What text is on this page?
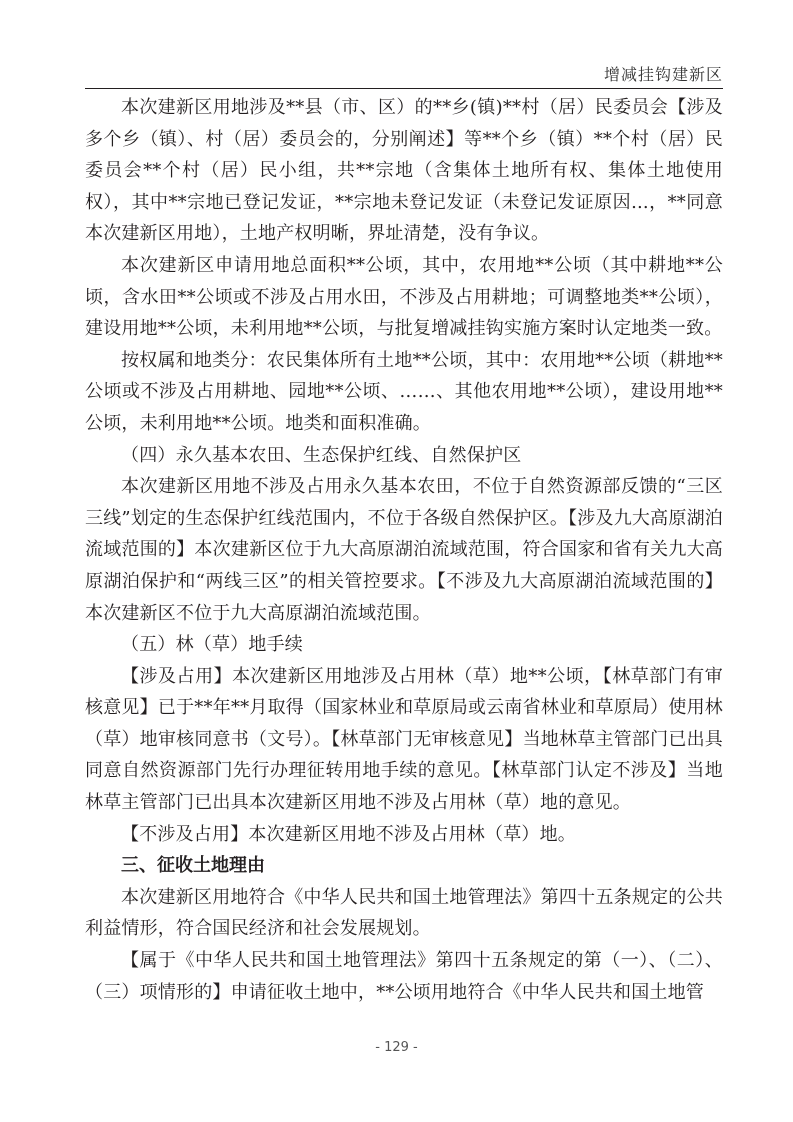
增减挂钩建新区

本次建新区用地涉及**县（市、区）的**乡(镇)**村（居）民委员会【涉及多个乡（镇）、村（居）委员会的，分别阐述】等**个乡（镇）**个村（居）民委员会**个村（居）民小组，共**宗地（含集体土地所有权、集体土地使用权），其中**宗地已登记发证，**宗地未登记发证（未登记发证原因...，**同意本次建新区用地），土地产权明晰，界址清楚，没有争议。

本次建新区申请用地总面积**公顷，其中，农用地**公顷（其中耕地**公顷，含水田**公顷或不涉及占用水田，不涉及占用耕地；可调整地类**公顷），建设用地**公顷，未利用地**公顷，与批复增减挂钩实施方案时认定地类一致。

按权属和地类分：农民集体所有土地**公顷，其中：农用地**公顷（耕地**公顷或不涉及占用耕地、园地**公顷、……、其他农用地**公顷），建设用地**公顷，未利用地**公顷。地类和面积准确。

（四）永久基本农田、生态保护红线、自然保护区

本次建新区用地不涉及占用永久基本农田，不位于自然资源部反馈的“三区三线”划定的生态保护红线范围内，不位于各级自然保护区。【涉及九大高原湖泊流域范围的】本次建新区位于九大高原湖泊流域范围，符合国家和省有关九大高原湖泊保护和“两线三区”的相关管控要求。【不涉及九大高原湖泊流域范围的】本次建新区不位于九大高原湖泊流域范围。

（五）林（草）地手续

【涉及占用】本次建新区用地涉及占用林（草）地**公顷，【林草部门有审核意见】已于**年**月取得（国家林业和草原局或云南省林业和草原局）使用林（草）地审核同意书（文号）。【林草部门无审核意见】当地林草主管部门已出具同意自然资源部门先行办理征转用地手续的意见。【林草部门认定不涉及】当地林草主管部门已出具本次建新区用地不涉及占用林（草）地的意见。

【不涉及占用】本次建新区用地不涉及占用林（草）地。

三、征收土地理由

本次建新区用地符合《中华人民共和国土地管理法》第四十五条规定的公共利益情形，符合国民经济和社会发展规划。

【属于《中华人民共和国土地管理法》第四十五条规定的第（一）、（二）、（三）项情形的】申请征收土地中，**公顷用地符合《中华人民共和国土地管

- 129 -
